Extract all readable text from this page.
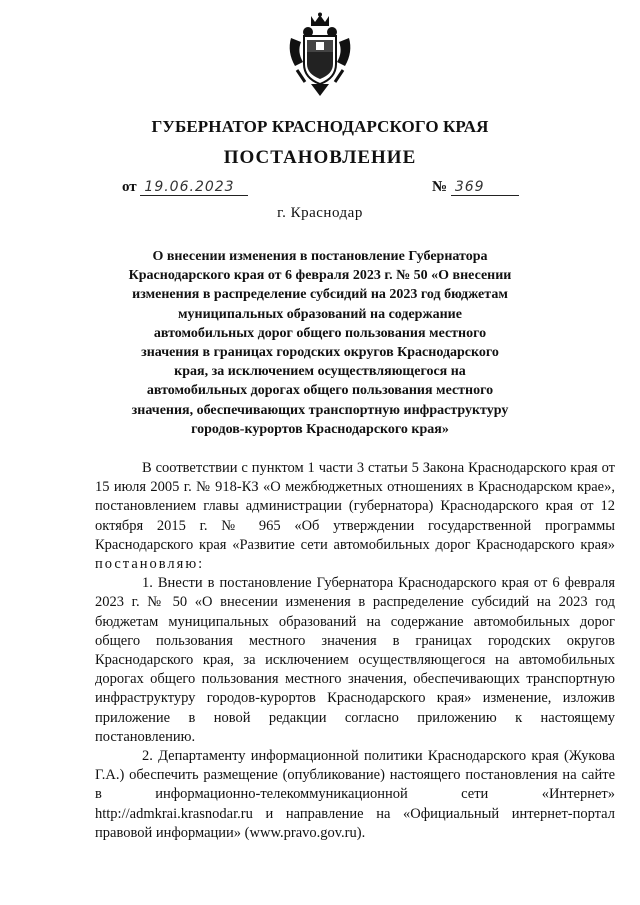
ГУБЕРНАТОР КРАСНОДАРСКОГО КРАЯ
ПОСТАНОВЛЕНИЕ
от 19.06.2023	№ 369
г. Краснодар
О внесении изменения в постановление Губернатора Краснодарского края от 6 февраля 2023 г. № 50 «О внесении изменения в распределение субсидий на 2023 год бюджетам муниципальных образований на содержание автомобильных дорог общего пользования местного значения в границах городских округов Краснодарского края, за исключением осуществляющегося на автомобильных дорогах общего пользования местного значения, обеспечивающих транспортную инфраструктуру городов-курортов Краснодарского края»

В соответствии с пунктом 1 части 3 статьи 5 Закона Краснодарского края от 15 июля 2005 г. № 918-КЗ «О межбюджетных отношениях в Краснодарском крае», постановлением главы администрации (губернатора) Краснодарского края от 12 октября 2015 г. № 965 «Об утверждении государственной программы Краснодарского края «Развитие сети автомобильных дорог Краснодарского края» постановляю:

1. Внести в постановление Губернатора Краснодарского края от 6 февраля 2023 г. № 50 «О внесении изменения в распределение субсидий на 2023 год бюджетам муниципальных образований на содержание автомобильных дорог общего пользования местного значения в границах городских округов Краснодарского края, за исключением осуществляющегося на автомобильных дорогах общего пользования местного значения, обеспечивающих транспортную инфраструктуру городов-курортов Краснодарского края» изменение, изложив приложение в новой редакции согласно приложению к настоящему постановлению.

2. Департаменту информационной политики Краснодарского края (Жукова Г.А.) обеспечить размещение (опубликование) настоящего постановления на сайте в информационно-телекоммуникационной сети «Интернет» http://admkrai.krasnodar.ru и направление на «Официальный интернет-портал правовой информации» (www.pravo.gov.ru).
